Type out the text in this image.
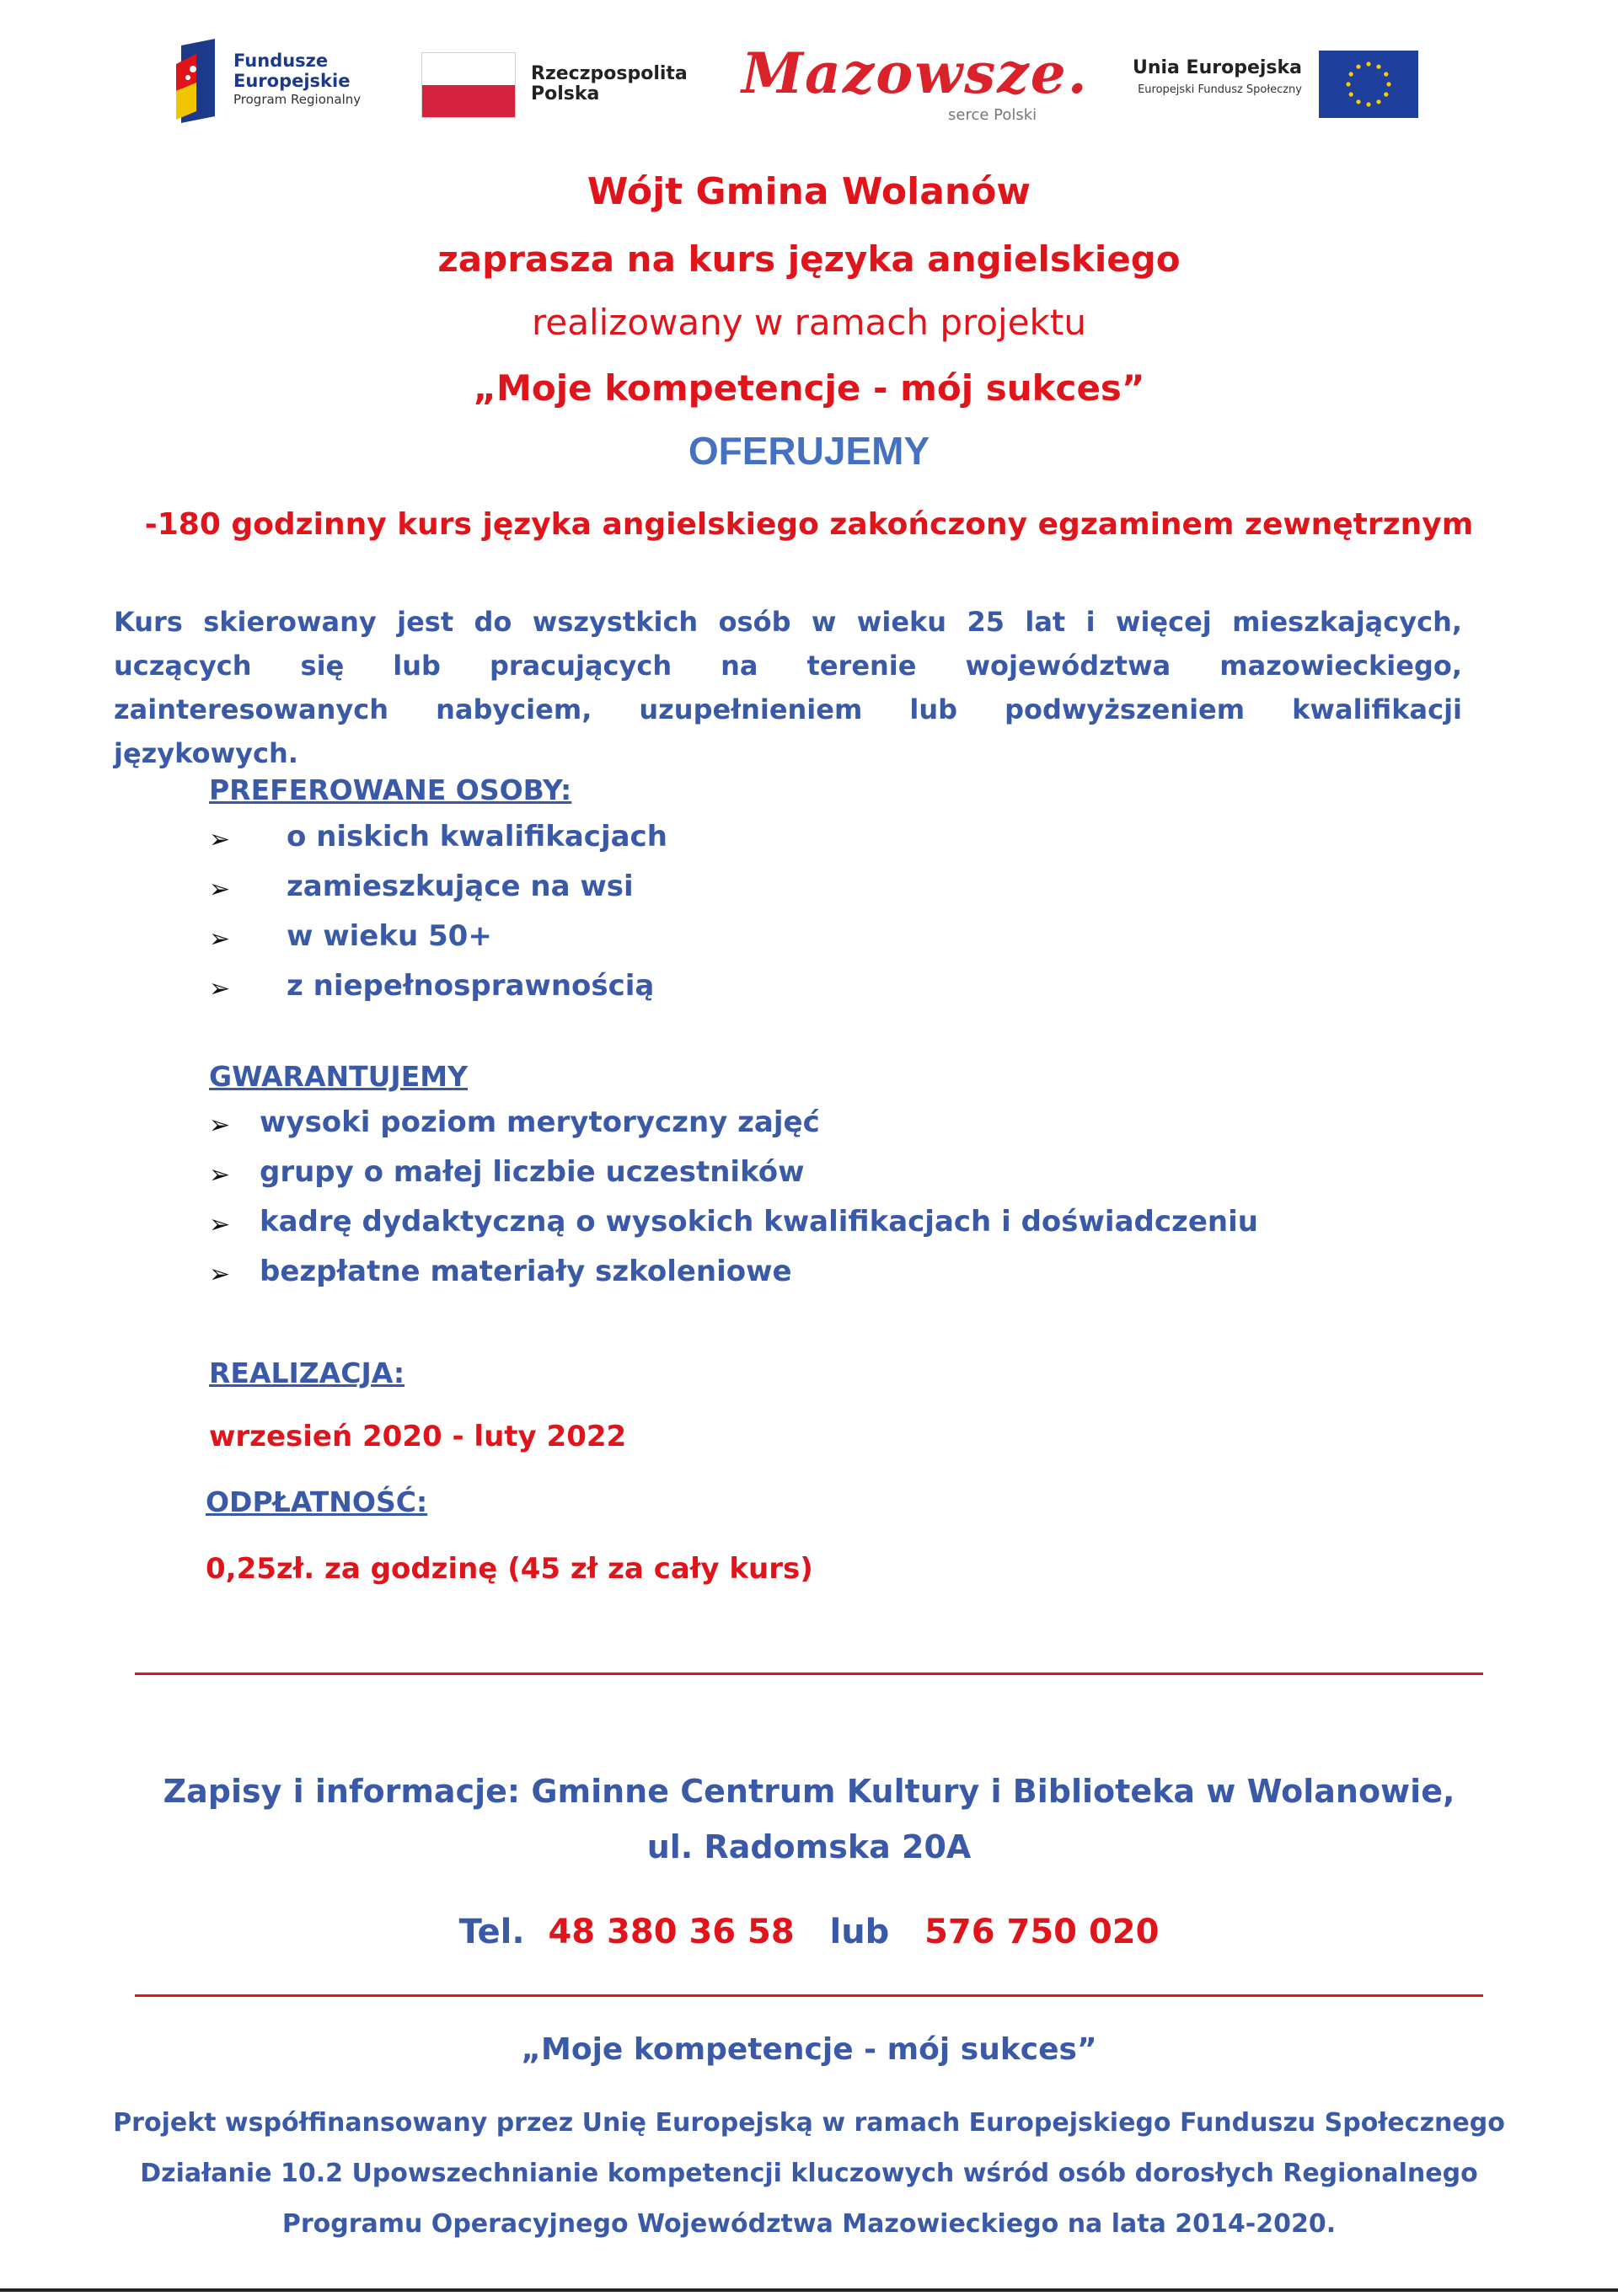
Fundusze
Europejskie
Program Regionalny
Rzeczpospolita
Polska	Mazowsze.
serce Polski
Unia Europejska
Europejski Fundusz Społeczny
Wójt Gmina Wolanów
zaprasza na kurs języka angielskiego
realizowany w ramach projektu
„Moje kompetencje - mój sukces”
OFERUJEMY
-180 godzinny kurs języka angielskiego zakończony egzaminem zewnętrznym
Kurs skierowany jest do wszystkich osób w wieku 25 lat i więcej mieszkających, uczących się lub pracujących na terenie województwa mazowieckiego, zainteresowanych nabyciem, uzupełnieniem lub podwyższeniem kwalifikacji językowych.
PREFEROWANE OSOBY:
➢ o niskich kwalifikacjach
➢ zamieszkujące na wsi
➢ w wieku 50+
➢ z niepełnosprawnością
GWARANTUJEMY
➢ wysoki poziom merytoryczny zajęć
➢ grupy o małej liczbie uczestników
➢ kadrę dydaktyczną o wysokich kwalifikacjach i doświadczeniu
➢ bezpłatne materiały szkoleniowe
REALIZACJA:
wrzesień 2020 - luty 2022
ODPŁATNOŚĆ:
0,25zł. za godzinę (45 zł za cały kurs)
Zapisy i informacje: Gminne Centrum Kultury i Biblioteka w Wolanowie,
ul. Radomska 20A
Tel. 48 380 36 58 lub 576 750 020
„Moje kompetencje - mój sukces”
Projekt współfinansowany przez Unię Europejską w ramach Europejskiego Funduszu Społecznego
Działanie 10.2 Upowszechnianie kompetencji kluczowych wśród osób dorosłych Regionalnego
Programu Operacyjnego Województwa Mazowieckiego na lata 2014-2020.
